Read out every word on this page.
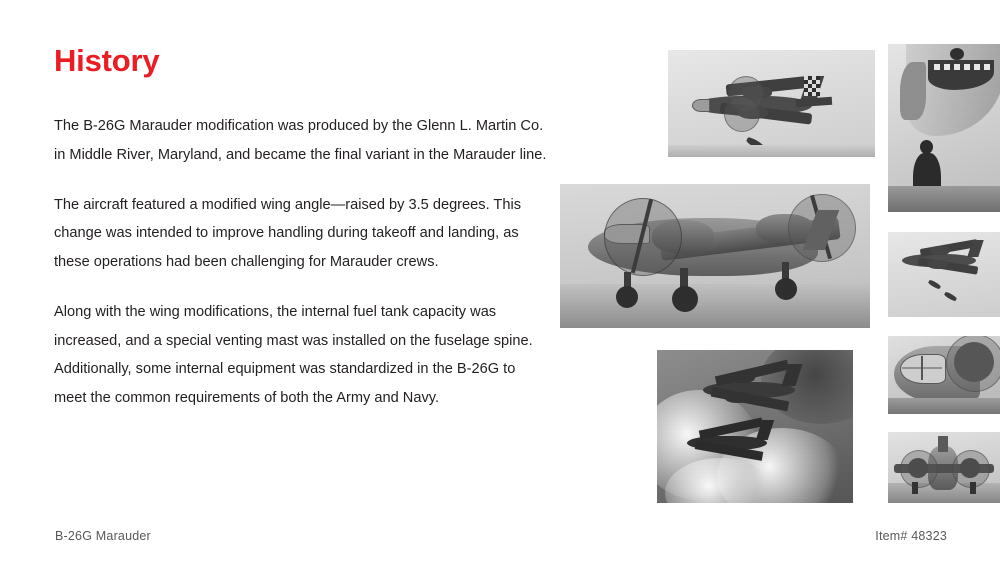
History

The B-26G Marauder modification was produced by the Glenn L. Martin Co. in Middle River, Maryland, and became the final variant in the Marauder line.

The aircraft featured a modified wing angle—raised by 3.5 degrees. This change was intended to improve handling during takeoff and landing, as these operations had been challenging for Marauder crews.

Along with the wing modifications, the internal fuel tank capacity was increased, and a special venting mast was installed on the fuselage spine. Additionally, some internal equipment was standardized in the B-26G to meet the common requirements of both the Army and Navy.

B-26G Marauder	Item# 48323
